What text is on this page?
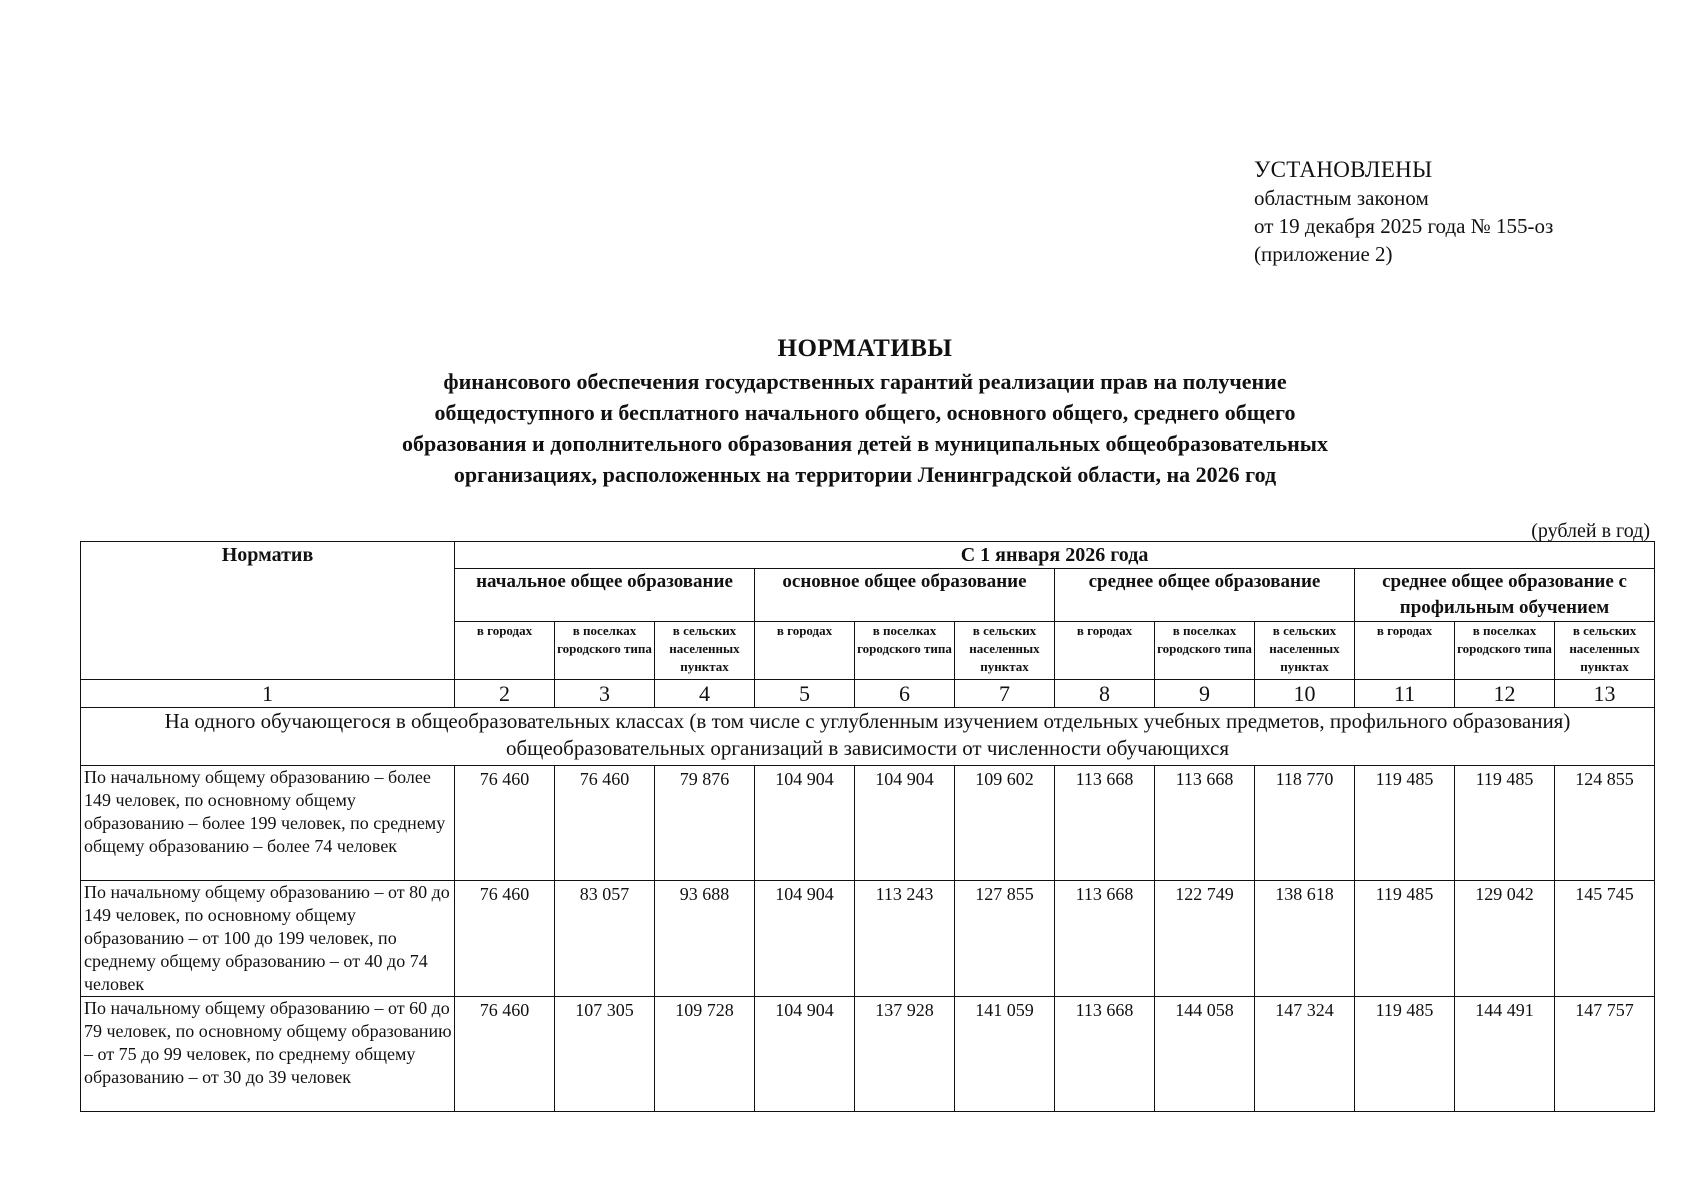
УСТАНОВЛЕНЫ
областным законом
от 19 декабря 2025 года № 155-оз
(приложение 2)
НОРМАТИВЫ
финансового обеспечения государственных гарантий реализации прав на получение
общедоступного и бесплатного начального общего, основного общего, среднего общего
образования и дополнительного образования детей в муниципальных общеобразовательных
организациях, расположенных на территории Ленинградской области, на 2026 год
(рублей в год)
Норматив	С 1 января 2026 года											
	начальное общее образование			основное общее образование			среднее общее образование			среднее общее образование с профильным обучением		
	в городах	в поселках городского типа	в сельских населенных пунктах	в городах	в поселках городского типа	в сельских населенных пунктах	в городах	в поселках городского типа	в сельских населенных пунктах	в городах	в поселках городского типа	в сельских населенных пунктах
1	2	3	4	5	6	7	8	9	10	11	12	13
На одного обучающегося в общеобразовательных классах (в том числе с углубленным изучением отдельных учебных предметов, профильного образования) общеобразовательных организаций в зависимости от численности обучающихся												
По начальному общему образованию – более 149 человек, по основному общему образованию – более 199 человек, по среднему общему образованию – более 74 человек	76 460	76 460	79 876	104 904	104 904	109 602	113 668	113 668	118 770	119 485	119 485	124 855
По начальному общему образованию – от 80 до 149 человек, по основному общему образованию – от 100 до 199 человек, по среднему общему образованию – от 40 до 74 человек	76 460	83 057	93 688	104 904	113 243	127 855	113 668	122 749	138 618	119 485	129 042	145 745
По начальному общему образованию – от 60 до 79 человек, по основному общему образованию – от 75 до 99 человек, по среднему общему образованию – от 30 до 39 человек	76 460	107 305	109 728	104 904	137 928	141 059	113 668	144 058	147 324	119 485	144 491	147 757
